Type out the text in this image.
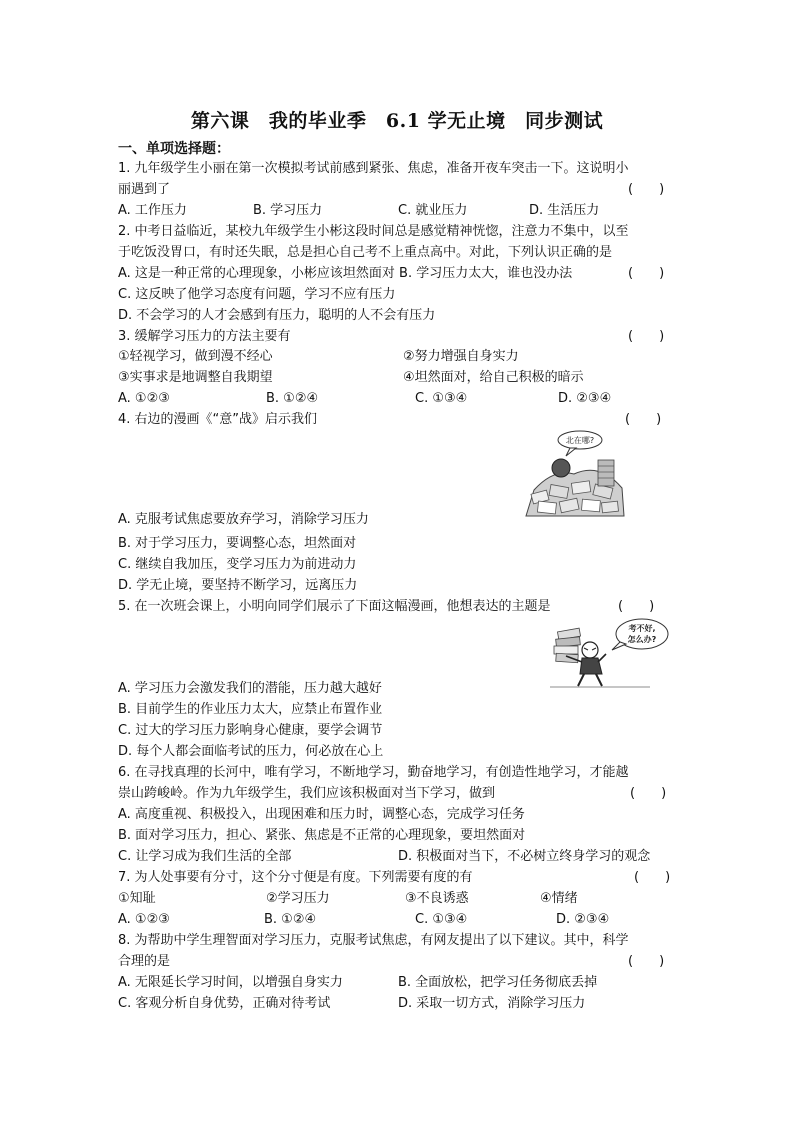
第六课　我的毕业季　6.1 学无止境　同步测试
一、单项选择题：
1. 九年级学生小丽在第一次模拟考试前感到紧张、焦虑，准备开夜车突击一下。这说明小
丽遇到了	(　　)
A. 工作压力	B. 学习压力	C. 就业压力	D. 生活压力
2. 中考日益临近，某校九年级学生小彬这段时间总是感觉精神恍惚，注意力不集中，以至
于吃饭没胃口，有时还失眠，总是担心自己考不上重点高中。对此，下列认识正确的是
A. 这是一种正常的心理现象，小彬应该坦然面对 B. 学习压力太大，谁也没办法	(　　)
C. 这反映了他学习态度有问题，学习不应有压力
D. 不会学习的人才会感到有压力，聪明的人不会有压力
3. 缓解学习压力的方法主要有	(　　)
①轻视学习，做到漫不经心	②努力增强自身实力
③实事求是地调整自我期望	④坦然面对，给自己积极的暗示
A. ①②③	B. ①②④	C. ①③④	D. ②③④
4. 右边的漫画《“意”战》启示我们	(　　)
北在哪?
A. 克服考试焦虑要放弃学习，消除学习压力
B. 对于学习压力，要调整心态，坦然面对
C. 继续自我加压，变学习压力为前进动力
D. 学无止境，要坚持不断学习，远离压力
5. 在一次班会课上，小明向同学们展示了下面这幅漫画，他想表达的主题是	(　　)
考不好,
怎么办?
A. 学习压力会激发我们的潜能，压力越大越好
B. 目前学生的作业压力太大，应禁止布置作业
C. 过大的学习压力影响身心健康，要学会调节
D. 每个人都会面临考试的压力，何必放在心上
6. 在寻找真理的长河中，唯有学习，不断地学习，勤奋地学习，有创造性地学习，才能越
崇山跨峻岭。作为九年级学生，我们应该积极面对当下学习，做到	(　　)
A. 高度重视、积极投入，出现困难和压力时，调整心态，完成学习任务
B. 面对学习压力，担心、紧张、焦虑是不正常的心理现象，要坦然面对
C. 让学习成为我们生活的全部	D. 积极面对当下，不必树立终身学习的观念
7. 为人处事要有分寸，这个分寸便是有度。下列需要有度的有	(　　)
①知耻	②学习压力	③不良诱惑	④情绪
A. ①②③	B. ①②④	C. ①③④	D. ②③④
8. 为帮助中学生理智面对学习压力，克服考试焦虑，有网友提出了以下建议。其中，科学
合理的是	(　　)
A. 无限延长学习时间，以增强自身实力	B. 全面放松，把学习任务彻底丢掉
C. 客观分析自身优势，正确对待考试	D. 采取一切方式，消除学习压力
